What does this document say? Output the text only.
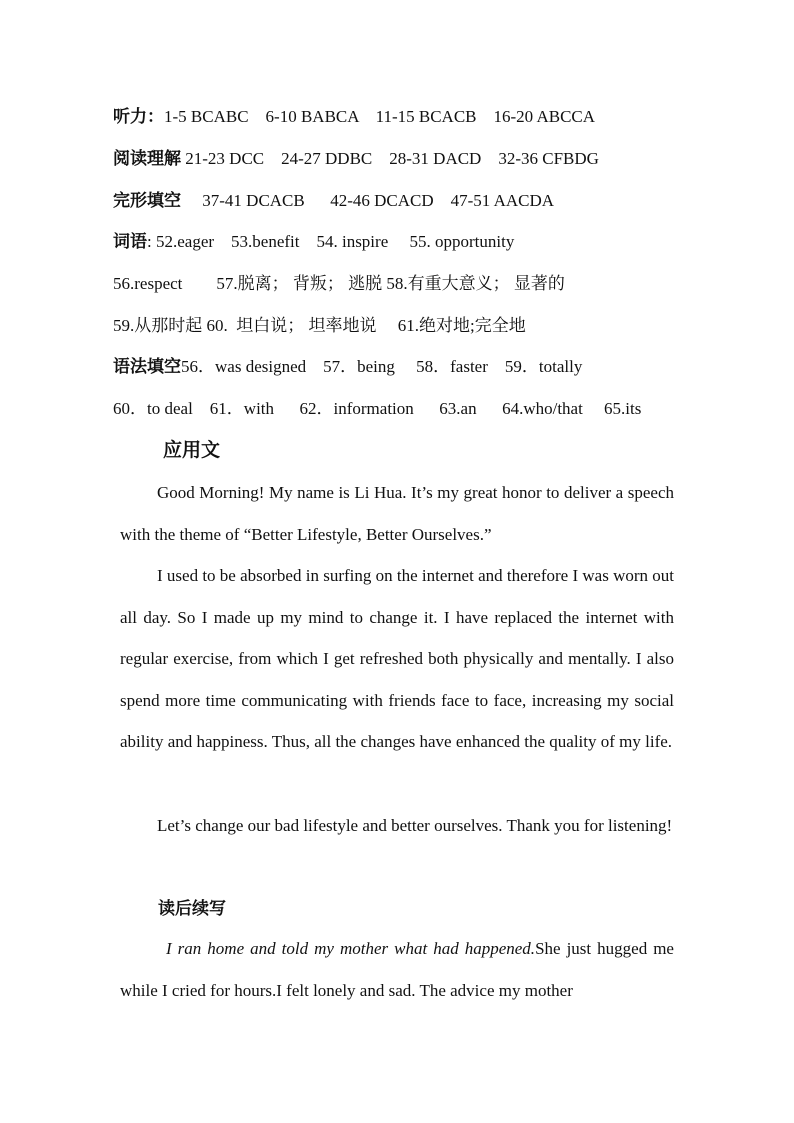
听力：1-5 BCABC    6-10 BABCA    11-15 BCACB    16-20 ABCCA

阅读理解 21-23 DCC    24-27 DDBC    28-31 DACD    32-36 CFBDG

完形填空     37-41 DCACB      42-46 DCACD    47-51 AACDA

词语: 52.eager    53.benefit    54. inspire     55. opportunity

56.respect        57.脱离； 背叛； 逃脱 58.有重大意义； 显著的

59.从那时起 60.  坦白说； 坦率地说     61.绝对地;完全地

语法填空56．was designed    57．being     58．faster    59．totally

60．to deal    61．with      62．information      63.an      64.who/that     65.its

应用文

Good Morning! My name is Li Hua. It’s my great honor to deliver a speech with the theme of “Better Lifestyle, Better Ourselves.”

I used to be absorbed in surfing on the internet and therefore I was worn out all day. So I made up my mind to change it. I have replaced the internet with regular exercise, from which I get refreshed both physically and mentally. I also spend more time communicating with friends face to face, increasing my social ability and happiness. Thus, all the changes have enhanced the quality of my life.

Let’s change our bad lifestyle and better ourselves. Thank you for listening!

读后续写

I ran home and told my mother what had happened.She just hugged me while I cried for hours.I felt lonely and sad. The advice my mother
